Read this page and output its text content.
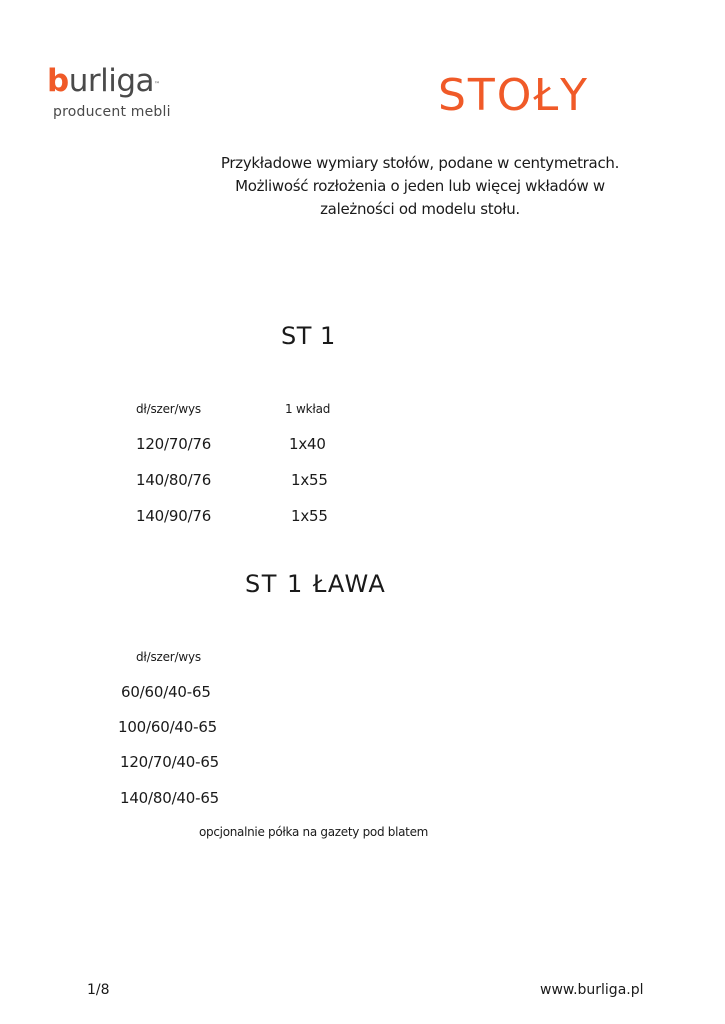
burliga™
producent mebli	STOŁY
Przykładowe wymiary stołów, podane w centymetrach.
Możliwość rozłożenia o jeden lub więcej wkładów w
zależności od modelu stołu.
ST 1
dł/szer/wys	1 wkład
120/70/76	1x40
140/80/76	1x55
140/90/76	1x55
ST 1 ŁAWA
dł/szer/wys
60/60/40-65
100/60/40-65
120/70/40-65
140/80/40-65
opcjonalnie półka na gazety pod blatem
1/8	www.burliga.pl
